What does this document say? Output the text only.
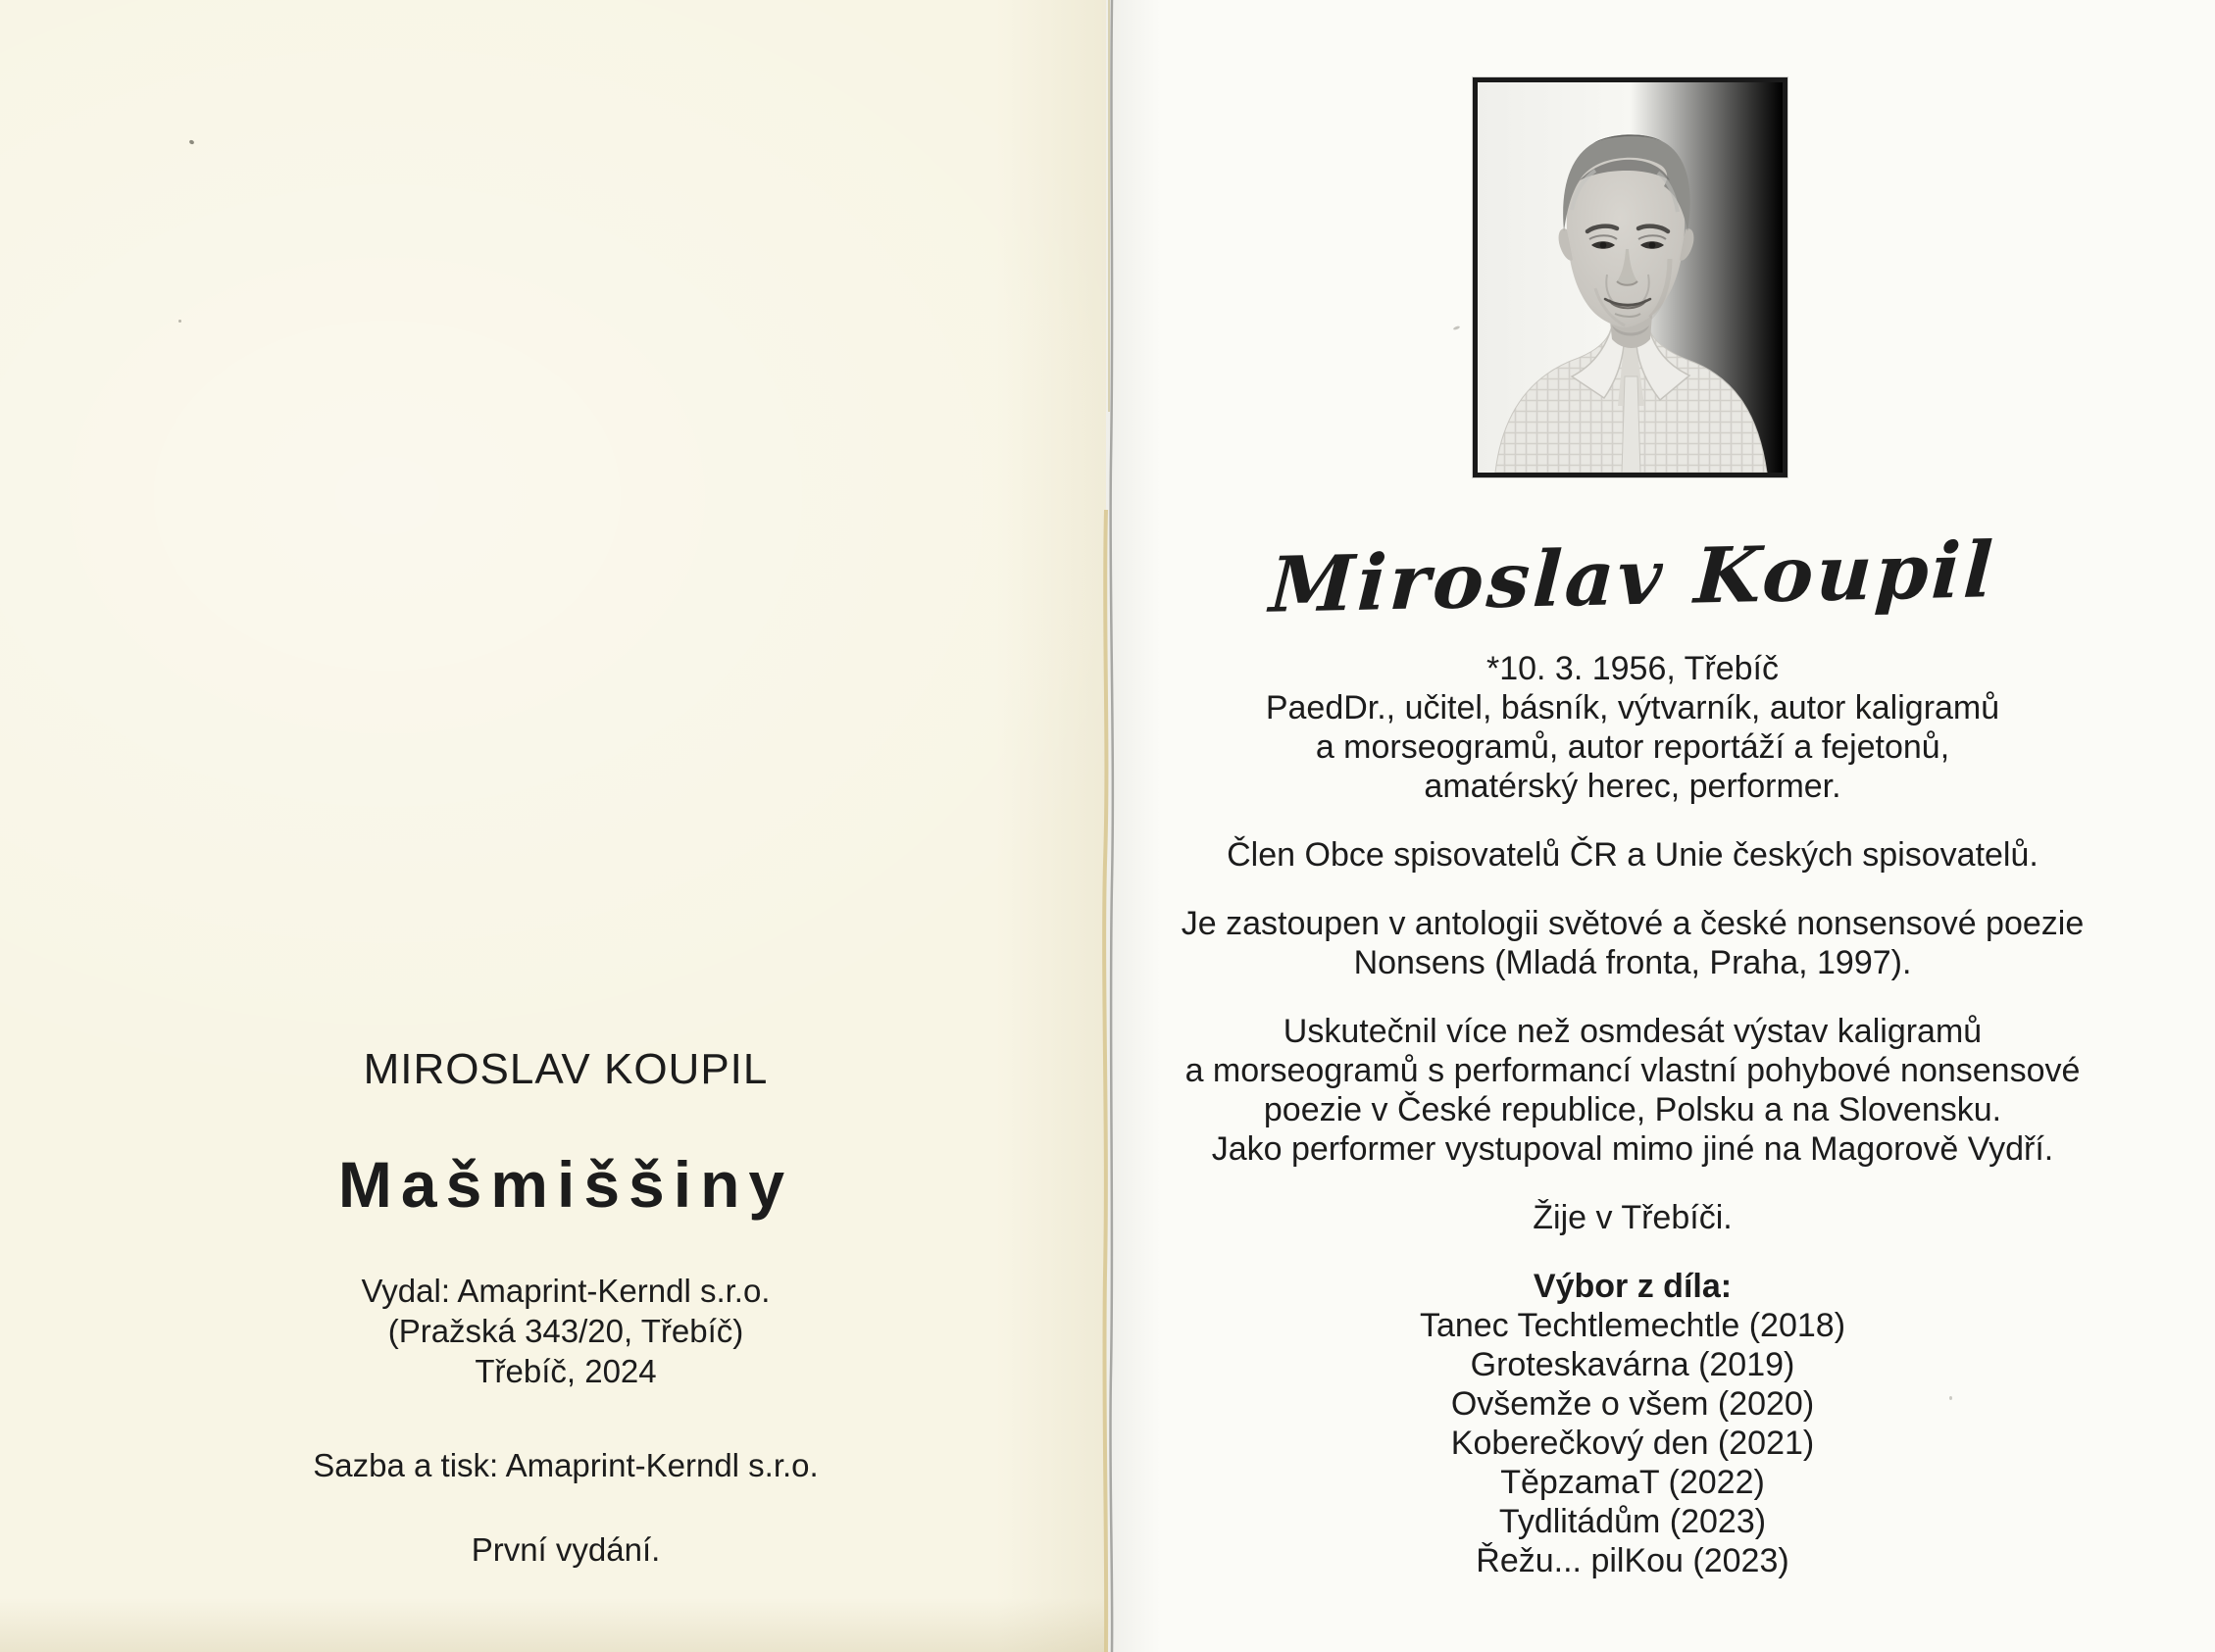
MIROSLAV KOUPIL
Mašmiššiny
Vydal: Amaprint-Kerndl s.r.o.
(Pražská 343/20, Třebíč)
Třebíč, 2024
Sazba a tisk: Amaprint-Kerndl s.r.o.
První vydání.
Miroslav Koupil

*10. 3. 1956, Třebíč
PaedDr., učitel, básník, výtvarník, autor kaligramů
a morseogramů, autor reportáží a fejetonů,
amatérský herec, performer.

Člen Obce spisovatelů ČR a Unie českých spisovatelů.

Je zastoupen v antologii světové a české nonsensové poezie
Nonsens (Mladá fronta, Praha, 1997).

Uskutečnil více než osmdesát výstav kaligramů
a morseogramů s performancí vlastní pohybové nonsensové
poezie v České republice, Polsku a na Slovensku.
Jako performer vystupoval mimo jiné na Magorově Vydří.

Žije v Třebíči.

Výbor z díla:
Tanec Techtlemechtle (2018)
Groteskavárna (2019)
Ovšemže o všem (2020)
Koberečkový den (2021)
TěpzamaT (2022)
Tydlitádům (2023)
Řežu... pilKou (2023)
